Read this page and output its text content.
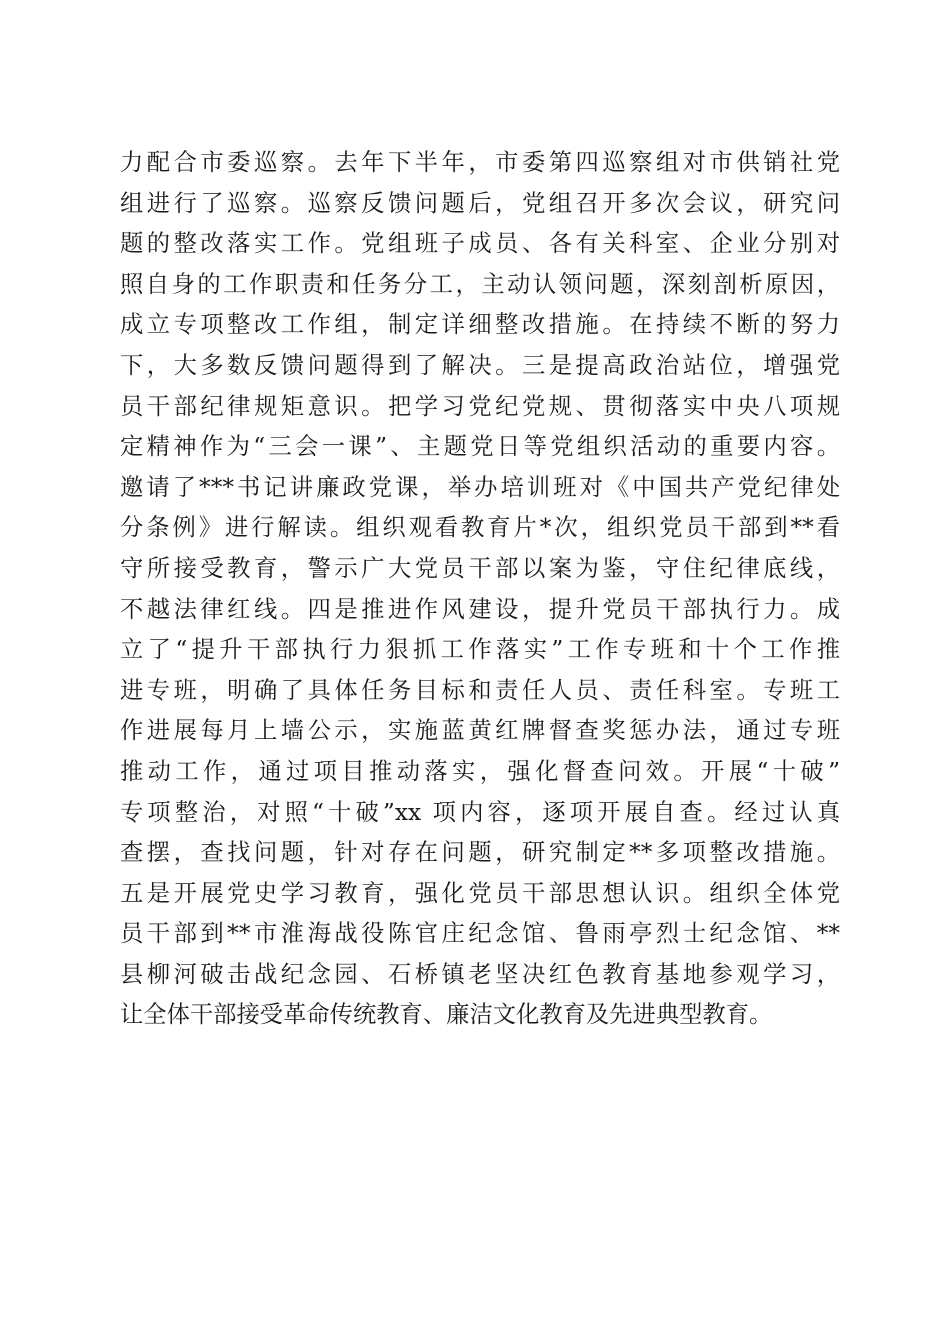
力配合市委巡察。去年下半年，市委第四巡察组对市供销社党
组进行了巡察。巡察反馈问题后，党组召开多次会议，研究问
题的整改落实工作。党组班子成员、各有关科室、企业分别对
照自身的工作职责和任务分工，主动认领问题，深刻剖析原因，
成立专项整改工作组，制定详细整改措施。在持续不断的努力
下，大多数反馈问题得到了解决。三是提高政治站位，增强党
员干部纪律规矩意识。把学习党纪党规、贯彻落实中央八项规
定精神作为“三会一课”、主题党日等党组织活动的重要内容。
邀请了***书记讲廉政党课，举办培训班对《中国共产党纪律处
分条例》进行解读。组织观看教育片*次，组织党员干部到**看
守所接受教育，警示广大党员干部以案为鉴，守住纪律底线，
不越法律红线。四是推进作风建设，提升党员干部执行力。成
立了“提升干部执行力狠抓工作落实”工作专班和十个工作推
进专班，明确了具体任务目标和责任人员、责任科室。专班工
作进展每月上墙公示，实施蓝黄红牌督查奖惩办法，通过专班
推动工作，通过项目推动落实，强化督查问效。开展“十破”
专项整治，对照“十破”xx 项内容，逐项开展自查。经过认真
查摆，查找问题，针对存在问题，研究制定**多项整改措施。
五是开展党史学习教育，强化党员干部思想认识。组织全体党
员干部到**市淮海战役陈官庄纪念馆、鲁雨亭烈士纪念馆、**
县柳河破击战纪念园、石桥镇老坚决红色教育基地参观学习，
让全体干部接受革命传统教育、廉洁文化教育及先进典型教育。
